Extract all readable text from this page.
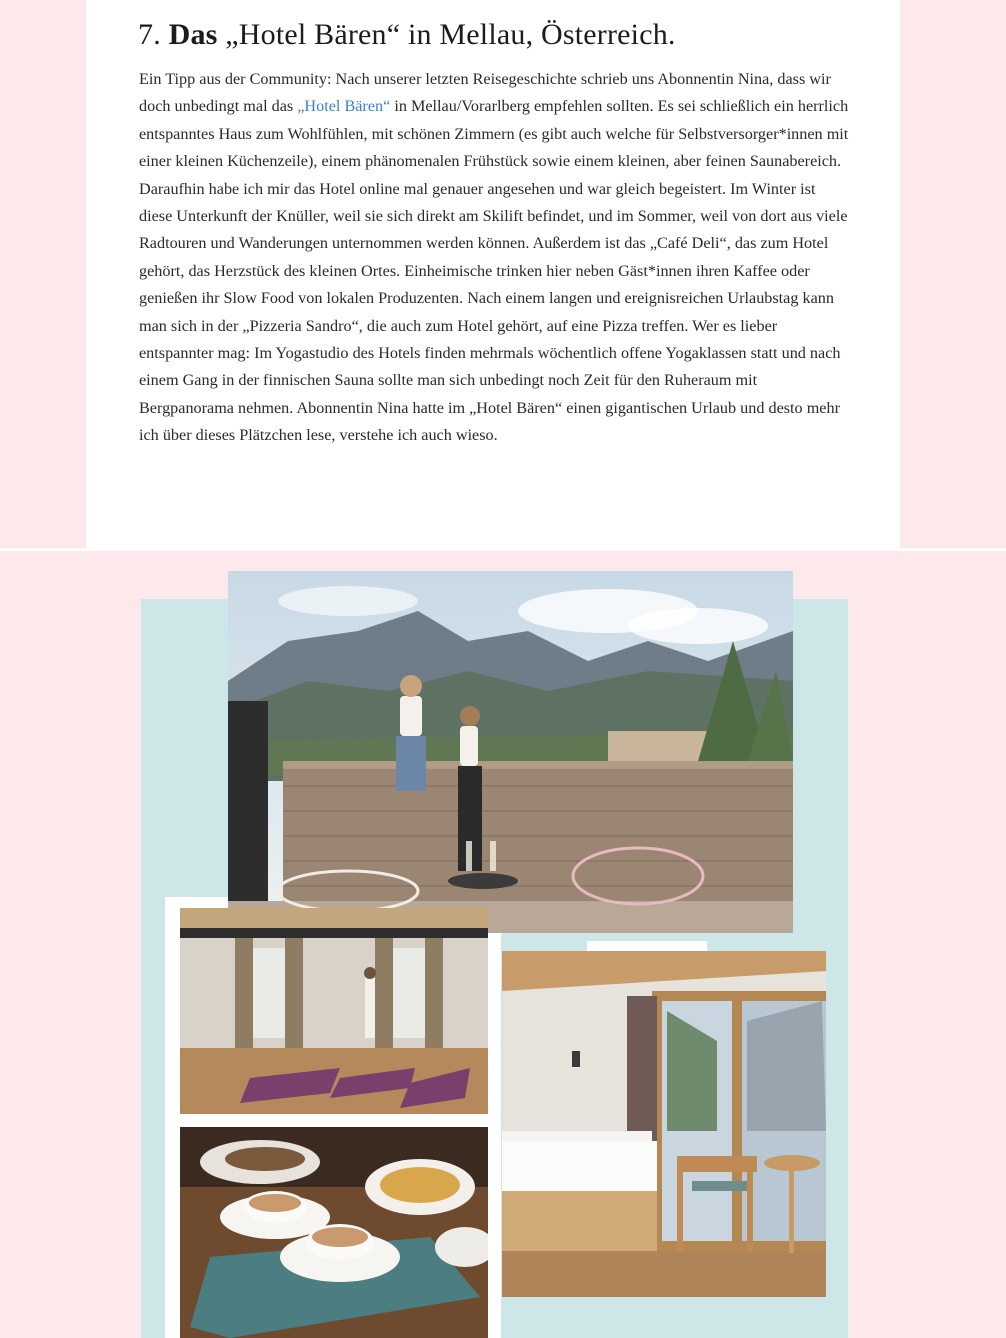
7. Das „Hotel Bären“ in Mellau, Österreich.

Ein Tipp aus der Community: Nach unserer letzten Reisegeschichte schrieb uns Abonnentin Nina, dass wir doch unbedingt mal das „Hotel Bären“ in Mellau/Vorarlberg empfehlen sollten. Es sei schließlich ein herrlich entspanntes Haus zum Wohlfühlen, mit schönen Zimmern (es gibt auch welche für Selbstversorger*innen mit einer kleinen Küchenzeile), einem phänomenalen Frühstück sowie einem kleinen, aber feinen Saunabereich. Daraufhin habe ich mir das Hotel online mal genauer angesehen und war gleich begeistert. Im Winter ist diese Unterkunft der Knüller, weil sie sich direkt am Skilift befindet, und im Sommer, weil von dort aus viele Radtouren und Wanderungen unternommen werden können. Außerdem ist das „Café Deli“, das zum Hotel gehört, das Herzstück des kleinen Ortes. Einheimische trinken hier neben Gäst*innen ihren Kaffee oder genießen ihr Slow Food von lokalen Produzenten. Nach einem langen und ereignisreichen Urlaubstag kann man sich in der „Pizzeria Sandro“, die auch zum Hotel gehört, auf eine Pizza treffen. Wer es lieber entspannter mag: Im Yogastudio des Hotels finden mehrmals wöchentlich offene Yogaklassen statt und nach einem Gang in der finnischen Sauna sollte man sich unbedingt noch Zeit für den Ruheraum mit Bergpanorama nehmen. Abonnentin Nina hatte im „Hotel Bären“ einen gigantischen Urlaub und desto mehr ich über dieses Plätzchen lese, verstehe ich auch wieso.
